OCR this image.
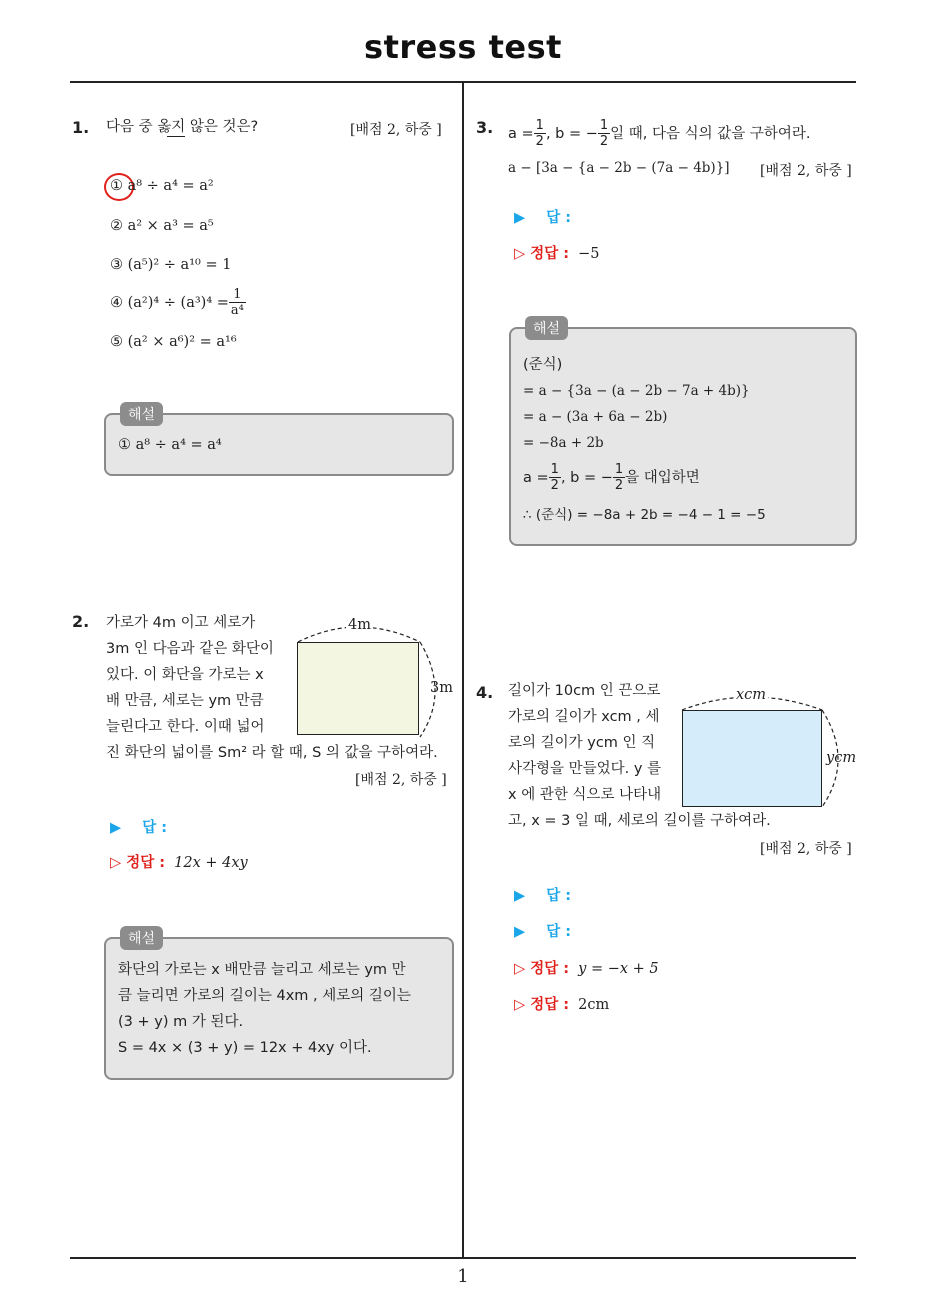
stress test
1
1. 다음 중 옳지 않은 것은?	[배점 2, 하중 ]
① a⁸ ÷ a⁴ = a²
② a² × a³ = a⁵
③ (a⁵)² ÷ a¹⁰ = 1
④ $(a^2)^4 \div (a^3)^4 = \frac{1}{\text{a⁴}}$
⑤ (a² × a⁶)² = a¹⁶
해설
① a⁸ ÷ a⁴ = a⁴
2. 가로가 4m 이고 세로가
3m 인 다음과 같은 화단이
있다. 이 화단을 가로는 x
배 만큼, 세로는 ym 만큼
늘린다고 한다. 이때 넓어
진 화단의 넓이를 Sm² 라 할 때, S 의 값을 구하여라.
[배점 2, 하중 ]
4m
3m
▶ 답 :
▷ 정답 : 12x + 4xy
해설
화단의 가로는 x 배만큼 늘리고 세로는 ym 만
큼 늘리면 가로의 길이는 4xm , 세로의 길이는
(3 + y) m 가 된다.
S = 4x × (3 + y) = 12x + 4xy 이다.
3. $a = \frac{1}{2}$ , b = − $\frac{1}{2}$ 일 때, 다음 식의 값을 구하여라.
a − [3a − {a − 2b − (7a − 4b)}] [배점 2, 하중 ]
▶ 답 :
▷ 정답 : −5
해설
(준식)
= a − {3a − (a − 2b − 7a + 4b)}
= a − (3a + 6a − 2b)
= −8a + 2b
$a = \frac{1}{2}$ , b = − $\frac{1}{2}$ 을 대입하면
∴ (준식) = −8a + 2b = −4 − 1 = −5
4. 길이가 10cm 인 끈으로
가로의 길이가 xcm , 세
로의 길이가 ycm 인 직
사각형을 만들었다. y 를
x 에 관한 식으로 나타내
고, x = 3 일 때, 세로의 길이를 구하여라.
[배점 2, 하중 ]
xcm
ycm
▶ 답 :
▶ 답 :
▷ 정답 : y = −x + 5
▷ 정답 : 2cm
